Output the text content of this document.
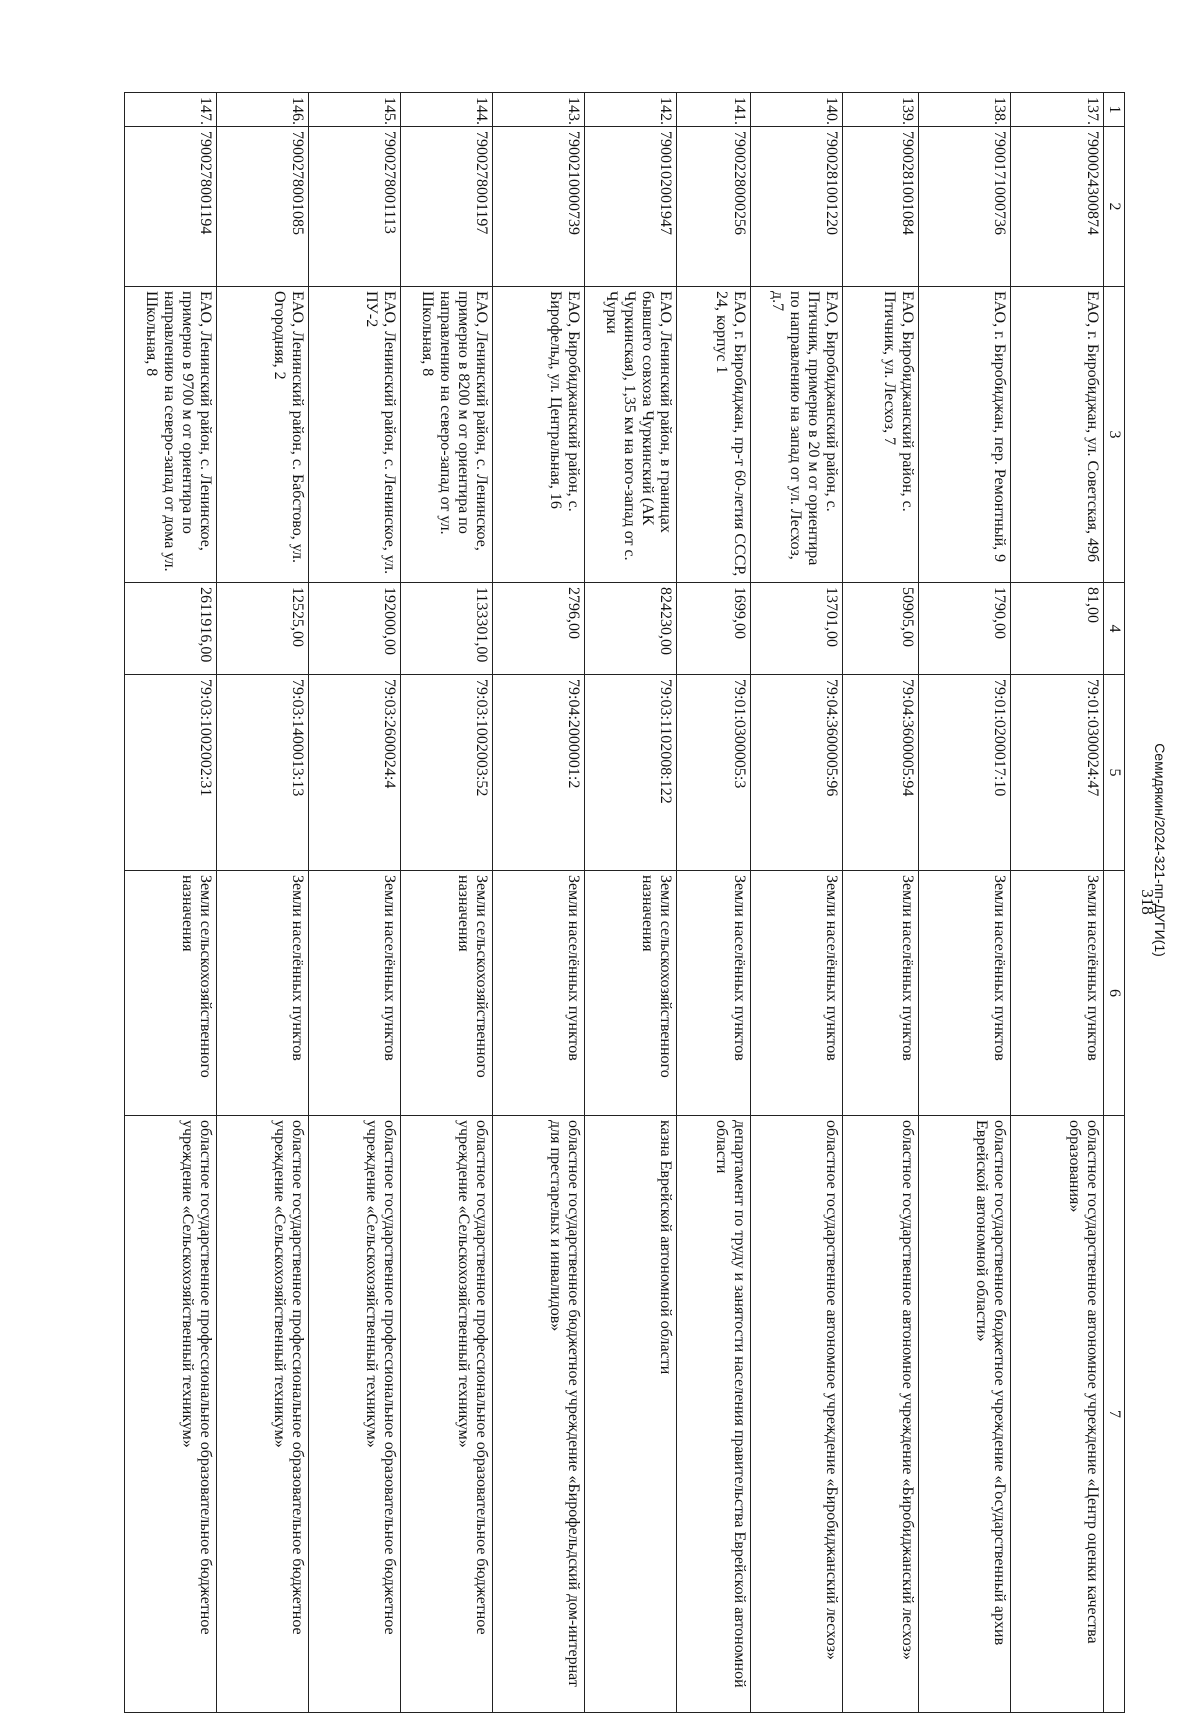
318
1	2	3	4	5	6	7
137.	7900024300874	ЕАО, г. Биробиджан, ул. Советская, 49б	81,00	79:01:0300024:47	Земли населённых пунктов	областное государственное автономное учреждение «Центр оценки качества образования»
138.	7900171000736	ЕАО, г. Биробиджан, пер. Ремонтный, 9	1790,00	79:01:0200017:10	Земли населённых пунктов	областное государственное бюджетное учреждение «Государственный архив Еврейской автономной области»
139.	7900281001084	ЕАО, Биробиджанский район, с. Птичник, ул. Лесхоз, 7	50905,00	79:04:3600005:94	Земли населённых пунктов	областное государственное автономное учреждение «Биробиджанский лесхоз»
140.	7900281001220	ЕАО, Биробиджанский район, с. Птичник, примерно в 20 м от ориентира по направлению на запад от ул. Лесхоз, д.7	13701,00	79:04:3600005:96	Земли населённых пунктов	областное государственное автономное учреждение «Биробиджанский лесхоз»
141.	7900228000256	ЕАО, г. Биробиджан, пр-т 60-летия СССР, 24, корпус 1	1699,00	79:01:0300005:3	Земли населённых пунктов	департамент по труду и занятости населения правительства Еврейской автономной области
142.	7900102001947	ЕАО, Ленинский район, в границах бывшего совхоза Чуркинский (АК Чуркинская), 1,35 км на юго-запад от с. Чурки	824230,00	79:03:1102008:122	Земли сельскохозяйственного назначения	казна Еврейской автономной области
143.	7900210000739	ЕАО, Биробиджанский район, с. Бирофельд, ул. Центральная, 16	2796,00	79:04:2000001:2	Земли населённых пунктов	областное государственное бюджетное учреждение «Бирофельдский дом-интернат для престарелых и инвалидов»
144.	7900278001197	ЕАО, Ленинский район, с. Ленинское, примерно в 8200 м от ориентира по направлению на северо-запад от ул. Школьная, 8	1133301,00	79:03:1002003:52	Земли сельскохозяйственного назначения	областное государственное профессиональное образовательное бюджетное учреждение «Сельскохозяйственный техникум»
145.	7900278001113	ЕАО, Ленинский район, с. Ленинское, ул. ПУ-2	192000,00	79:03:2600024:4	Земли населённых пунктов	областное государственное профессиональное образовательное бюджетное учреждение «Сельскохозяйственный техникум»
146.	7900278001085	ЕАО, Ленинский район, с. Бабстово, ул. Огородняя, 2	12525,00	79:03:1400013:13	Земли населённых пунктов	областное государственное профессиональное образовательное бюджетное учреждение «Сельскохозяйственный техникум»
147.	7900278001194	ЕАО, Ленинский район, с. Ленинское, примерно в 9700 м от ориентира по направлению на северо-запад от дома ул. Школьная, 8	2611916,00	79:03:1002002:31	Земли сельскохозяйственного назначения	областное государственное профессиональное образовательное бюджетное учреждение «Сельскохозяйственный техникум»
Семидякин/2024-321-пп-ДУГИ(1)
